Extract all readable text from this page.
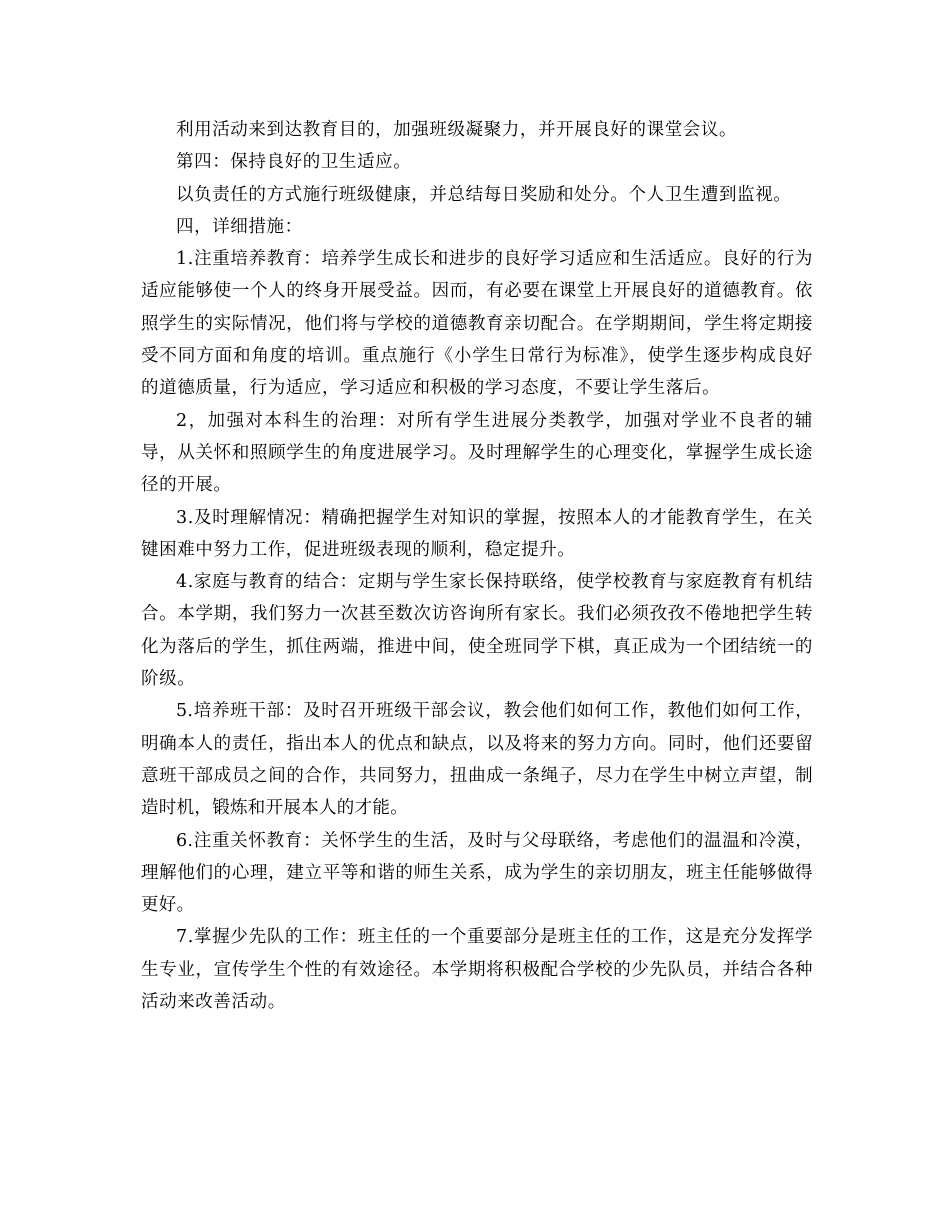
利用活动来到达教育目的，加强班级凝聚力，并开展良好的课堂会议。

第四：保持良好的卫生适应。

以负责任的方式施行班级健康，并总结每日奖励和处分。个人卫生遭到监视。

四，详细措施：

1.注重培养教育：培养学生成长和进步的良好学习适应和生活适应。良好的行为适应能够使一个人的终身开展受益。因而，有必要在课堂上开展良好的道德教育。依照学生的实际情况，他们将与学校的道德教育亲切配合。在学期期间，学生将定期接受不同方面和角度的培训。重点施行《小学生日常行为标准》，使学生逐步构成良好的道德质量，行为适应，学习适应和积极的学习态度，不要让学生落后。

2，加强对本科生的治理：对所有学生进展分类教学，加强对学业不良者的辅导，从关怀和照顾学生的角度进展学习。及时理解学生的心理变化，掌握学生成长途径的开展。

3.及时理解情况：精确把握学生对知识的掌握，按照本人的才能教育学生，在关键困难中努力工作，促进班级表现的顺利，稳定提升。

4.家庭与教育的结合：定期与学生家长保持联络，使学校教育与家庭教育有机结合。本学期，我们努力一次甚至数次访咨询所有家长。我们必须孜孜不倦地把学生转化为落后的学生，抓住两端，推进中间，使全班同学下棋，真正成为一个团结统一的阶级。

5.培养班干部：及时召开班级干部会议，教会他们如何工作，教他们如何工作，明确本人的责任，指出本人的优点和缺点，以及将来的努力方向。同时，他们还要留意班干部成员之间的合作，共同努力，扭曲成一条绳子，尽力在学生中树立声望，制造时机，锻炼和开展本人的才能。

6.注重关怀教育：关怀学生的生活，及时与父母联络，考虑他们的温温和冷漠，理解他们的心理，建立平等和谐的师生关系，成为学生的亲切朋友，班主任能够做得更好。

7.掌握少先队的工作：班主任的一个重要部分是班主任的工作，这是充分发挥学生专业，宣传学生个性的有效途径。本学期将积极配合学校的少先队员，并结合各种活动来改善活动。
